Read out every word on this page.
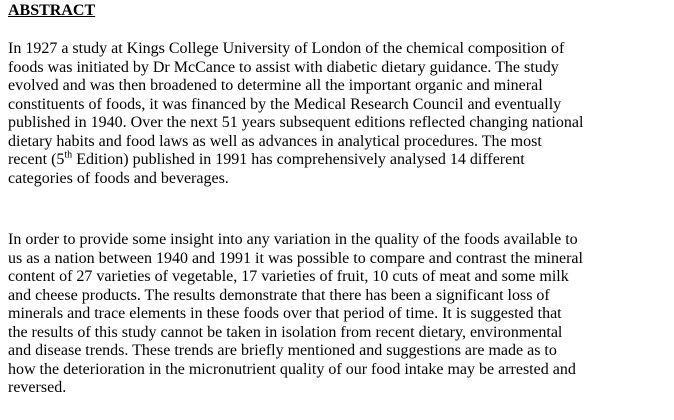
ABSTRACT

In 1927 a study at Kings College University of London of the chemical composition of
foods was initiated by Dr McCance to assist with diabetic dietary guidance. The study
evolved and was then broadened to determine all the important organic and mineral
constituents of foods, it was financed by the Medical Research Council and eventually
published in 1940. Over the next 51 years subsequent editions reflected changing national
dietary habits and food laws as well as advances in analytical procedures. The most
recent (5th Edition) published in 1991 has comprehensively analysed 14 different
categories of foods and beverages.

In order to provide some insight into any variation in the quality of the foods available to
us as a nation between 1940 and 1991 it was possible to compare and contrast the mineral
content of 27 varieties of vegetable, 17 varieties of fruit, 10 cuts of meat and some milk
and cheese products. The results demonstrate that there has been a significant loss of
minerals and trace elements in these foods over that period of time. It is suggested that
the results of this study cannot be taken in isolation from recent dietary, environmental
and disease trends. These trends are briefly mentioned and suggestions are made as to
how the deterioration in the micronutrient quality of our food intake may be arrested and
reversed.
